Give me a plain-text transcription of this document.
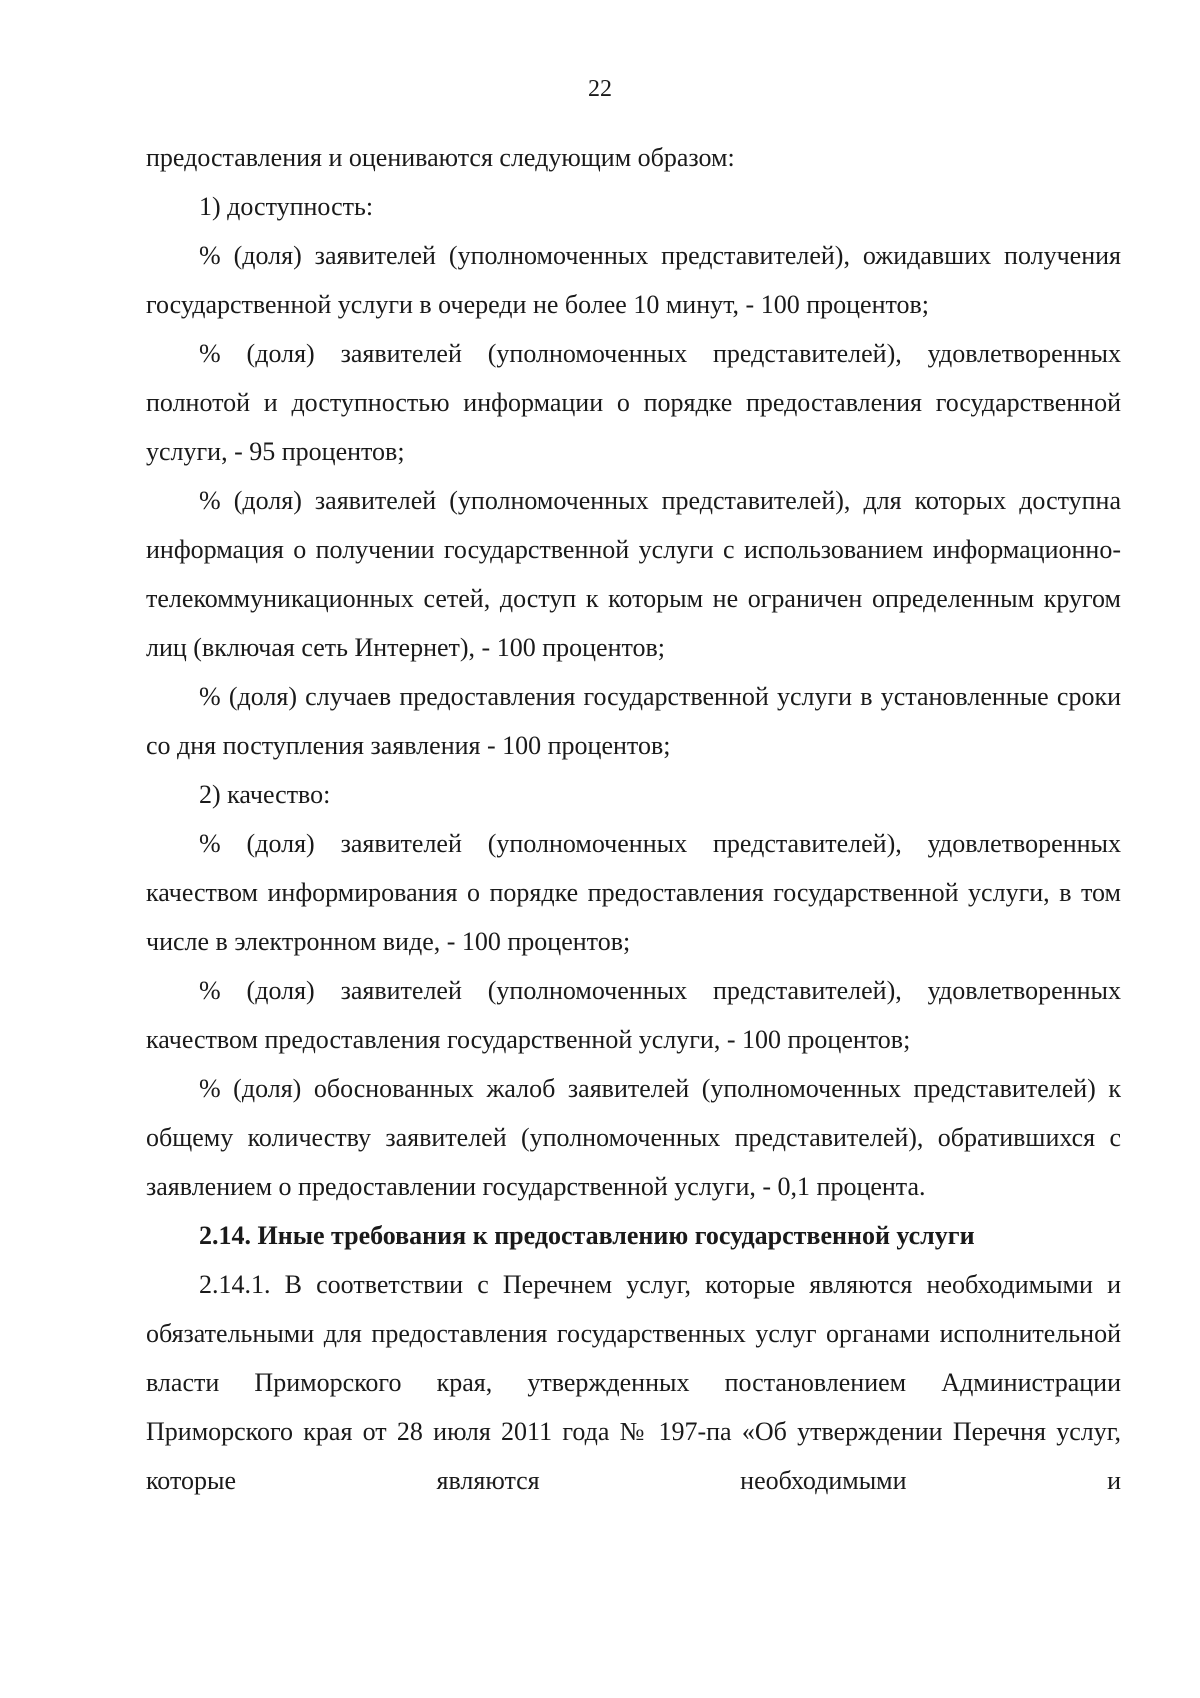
22

предоставления и оцениваются следующим образом:

1) доступность:

% (доля) заявителей (уполномоченных представителей), ожидавших получения государственной услуги в очереди не более 10 минут, - 100 процентов;

% (доля) заявителей (уполномоченных представителей), удовлетворенных полнотой и доступностью информации о порядке предоставления государственной услуги, - 95 процентов;

% (доля) заявителей (уполномоченных представителей), для которых доступна информация о получении государственной услуги с использованием информационно-телекоммуникационных сетей, доступ к которым не ограничен определенным кругом лиц (включая сеть Интернет), - 100 процентов;

% (доля) случаев предоставления государственной услуги в установленные сроки со дня поступления заявления - 100 процентов;

2) качество:

% (доля) заявителей (уполномоченных представителей), удовлетворенных качеством информирования о порядке предоставления государственной услуги, в том числе в электронном виде, - 100 процентов;

% (доля) заявителей (уполномоченных представителей), удовлетворенных качеством предоставления государственной услуги, - 100 процентов;

% (доля) обоснованных жалоб заявителей (уполномоченных представителей) к общему количеству заявителей (уполномоченных представителей), обратившихся с заявлением о предоставлении государственной услуги, - 0,1 процента.

2.14. Иные требования к предоставлению государственной услуги

2.14.1. В соответствии с Перечнем услуг, которые являются необходимыми и обязательными для предоставления государственных услуг органами исполнительной власти Приморского края, утвержденных постановлением Администрации Приморского края от 28 июля 2011 года № 197-па «Об утверждении Перечня услуг, которые являются необходимыми и
